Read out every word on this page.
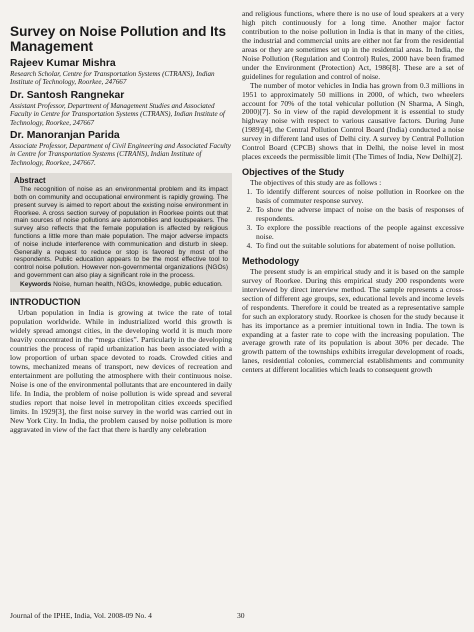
Survey on Noise Pollution and Its Management
Rajeev Kumar Mishra
Research Scholar, Centre for Transportation Systems (CTRANS), Indian Institute of Technology, Roorkee, 247667
Dr. Santosh Rangnekar
Assistant Professor, Department of Management Studies and Associated Faculty in Centre for Transportation Systems (CTRANS), Indian Institute of Technology, Roorkee, 247667
Dr. Manoranjan Parida
Associate Professor, Department of Civil Engineering and Associated Faculty in Centre for Transportation Systems (CTRANS), Indian Institute of Technology, Roorkee, 247667.
Abstract

The recognition of noise as an environmental problem and its impact both on community and occupational environment is rapidly growing. The present survey is aimed to report about the existing noise environment in Roorkee. A cross section survey of population in Roorkee points out that main sources of noise pollutions are automobiles and loudspeakers. The survey also reflects that the female population is affected by religious functions a little more than male population. The major adverse impacts of noise include interference with communication and disturb in sleep. Generally a request to reduce or stop is favored by most of the respondents. Public education appears to be the most effective tool to control noise pollution. However non-governmental organizations (NGOs) and government can also play a significant role in the process.

Keywords Noise, human health, NGOs, knowledge, public education.

INTRODUCTION

Urban population in India is growing at twice the rate of total population worldwide. While in industrialized world this growth is widely spread amongst cities, in the developing world it is much more heavily concentrated in the “mega cities”. Particularly in the developing countries the process of rapid urbanization has been associated with a low proportion of urban space devoted to roads. Crowded cities and towns, mechanized means of transport, new devices of recreation and entertainment are polluting the atmosphere with their continuous noise. Noise is one of the environmental pollutants that are encountered in daily life. In India, the problem of noise pollution is wide spread and several studies report that noise level in metropolitan cities exceeds specified limits. In 1929[3], the first noise survey in the world was carried out in New York City. In India, the problem caused by noise pollution is more aggravated in view of the fact that there is hardly any celebration

and religious functions, where there is no use of loud speakers at a very high pitch continuously for a long time. Another major factor contribution to the noise pollution in India is that in many of the cities, the industrial and commercial units are either not far from the residential areas or they are sometimes set up in the residential areas. In India, the Noise Pollution (Regulation and Control) Rules, 2000 have been framed under the Environment (Protection) Act, 1986[8]. These are a set of guidelines for regulation and control of noise.

The number of motor vehicles in India has grown from 0.3 millions in 1951 to approximately 50 millions in 2000, of which, two wheelers account for 70% of the total vehicular pollution (N Sharma, A Singh, 2000)[7]. So in view of the rapid development it is essential to study highway noise with respect to various causative factors. During June (1989)[4], the Central Pollution Control Board (India) conducted a noise survey in different land uses of Delhi city. A survey by Central Pollution Control Board (CPCB) shows that in Delhi, the noise level in most places exceeds the permissible limit (The Times of India, New Delhi)[2].

Objectives of the Study

The objectives of this study are as follows :

1. To identify different sources of noise pollution in Roorkee on the basis of commuter response survey.
2. To show the adverse impact of noise on the basis of responses of respondents.
3. To explore the possible reactions of the people against excessive noise.
4. To find out the suitable solutions for abatement of noise pollution.
Methodology

The present study is an empirical study and it is based on the sample survey of Roorkee. During this empirical study 200 respondents were interviewed by direct interview method. The sample represents a cross-section of different age groups, sex, educational levels and income levels of respondents. Therefore it could be treated as a representative sample for such an exploratory study. Roorkee is chosen for the study because it has its importance as a premier intuitional town in India. The town is expanding at a faster rate to cope with the increasing population. The average growth rate of its population is about 30% per decade. The growth pattern of the townships exhibits irregular development of roads, lanes, residential colonies, commercial establishments and community centers at different localities which leads to consequent growth

Journal of the IPHE, India, Vol. 2008-09 No. 4	30
